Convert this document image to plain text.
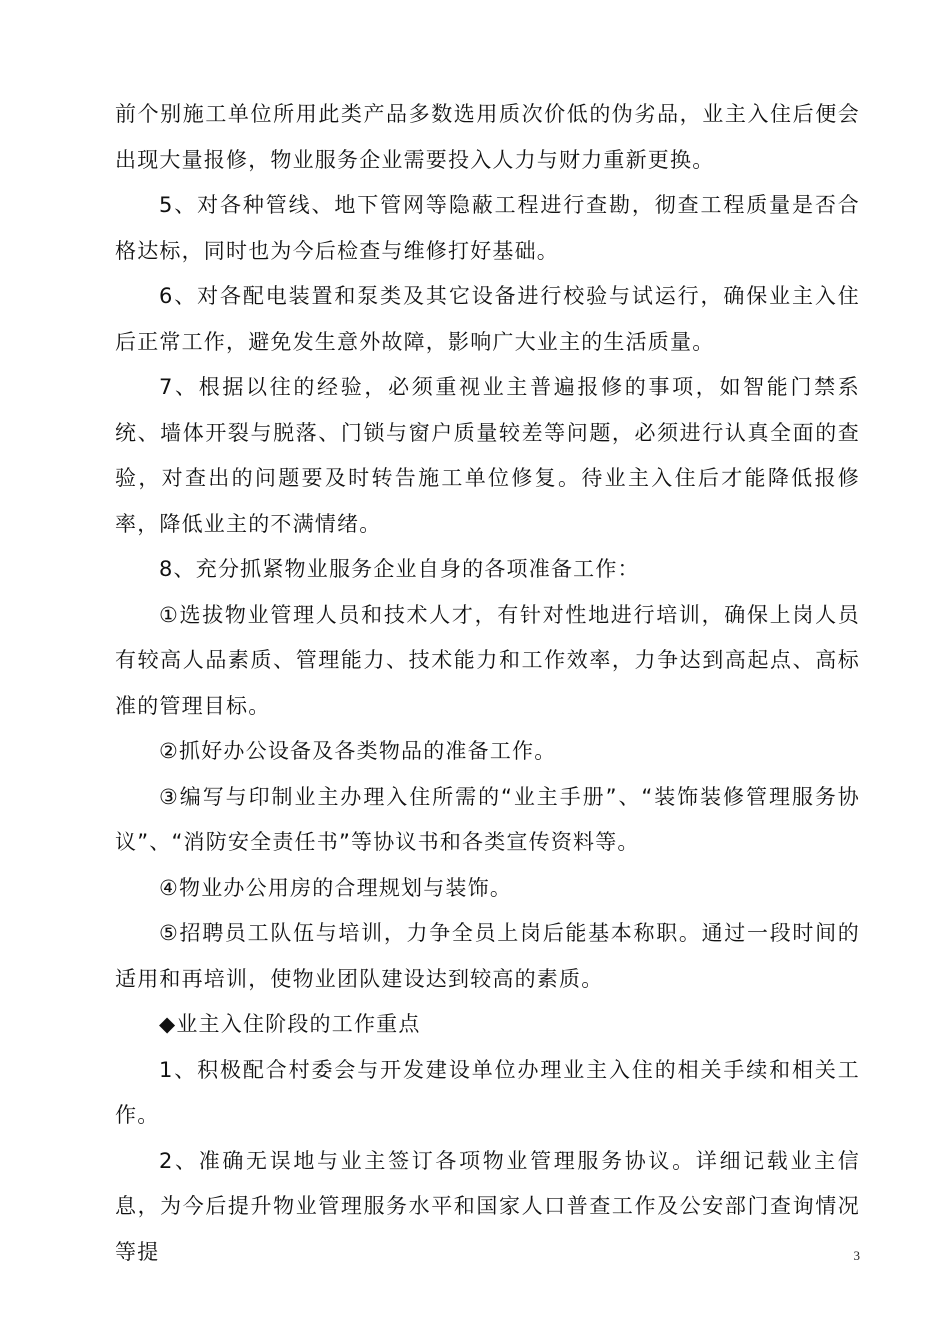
前个别施工单位所用此类产品多数选用质次价低的伪劣品，业主入住后便会出现大量报修，物业服务企业需要投入人力与财力重新更换。

5、对各种管线、地下管网等隐蔽工程进行查勘，彻查工程质量是否合格达标，同时也为今后检查与维修打好基础。

6、对各配电装置和泵类及其它设备进行校验与试运行，确保业主入住后正常工作，避免发生意外故障，影响广大业主的生活质量。

7、根据以往的经验，必须重视业主普遍报修的事项，如智能门禁系统、墙体开裂与脱落、门锁与窗户质量较差等问题，必须进行认真全面的查验，对查出的问题要及时转告施工单位修复。待业主入住后才能降低报修率，降低业主的不满情绪。

8、充分抓紧物业服务企业自身的各项准备工作：

①选拔物业管理人员和技术人才，有针对性地进行培训，确保上岗人员有较高人品素质、管理能力、技术能力和工作效率，力争达到高起点、高标准的管理目标。

②抓好办公设备及各类物品的准备工作。

③编写与印制业主办理入住所需的“业主手册”、“装饰装修管理服务协议”、“消防安全责任书”等协议书和各类宣传资料等。

④物业办公用房的合理规划与装饰。

⑤招聘员工队伍与培训，力争全员上岗后能基本称职。通过一段时间的适用和再培训，使物业团队建设达到较高的素质。

◆业主入住阶段的工作重点

1、积极配合村委会与开发建设单位办理业主入住的相关手续和相关工作。

2、准确无误地与业主签订各项物业管理服务协议。详细记载业主信息，为今后提升物业管理服务水平和国家人口普查工作及公安部门查询情况等提	3
